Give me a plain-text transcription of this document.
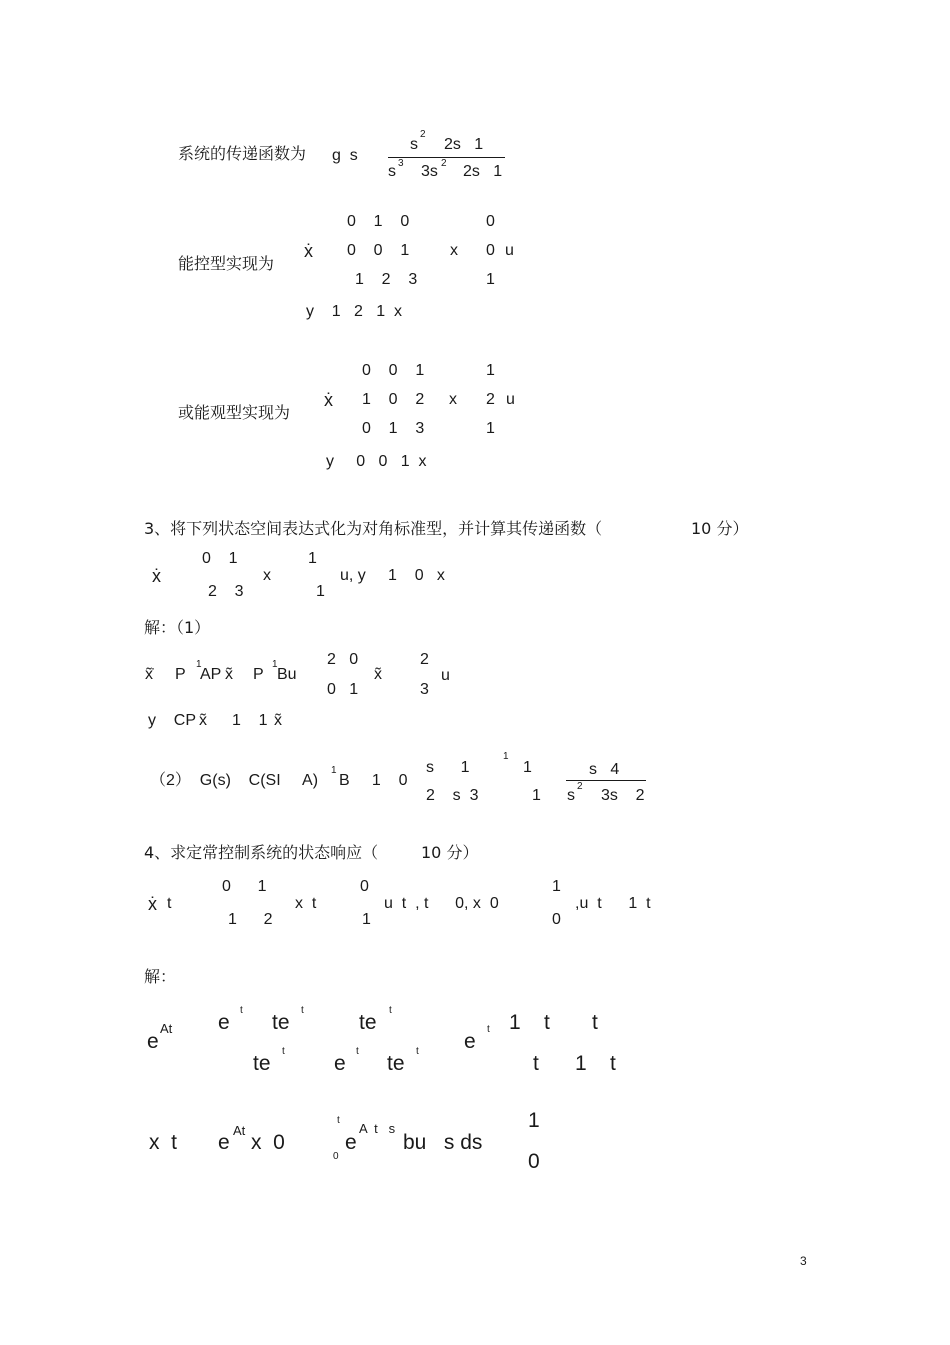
系统的传递函数为 g  s
s
2
2s   1
s 3 3s 2 2s   1
能控型实现为
ẋ
0    1    0
0    0    1
1    2    3
x
0
0
1
u
y    1   2   1  x
或能观型实现为
ẋ
0    0    1
1    0    2
0    1    3
x
1
2
1
u
y     0   0   1  x
3、将下列状态空间表达式化为对角标准型，并计算其传递函数（	10 分）
ẋ
0    1
2    3
x
1
1
u, y     1    0   x
解：（1）
x̃̇ P
1
AP x̃ P
1
Bu
2   0
0   1
x̃
2
3
u
y    CP x̃ 1    1 x̃
（2）  G(s)    C(SI     A)
1
B     1    0
s      1
2    s  3
1
1
1
s   4
s
2
3s    2
4、求定常控制系统的状态响应（	10 分）
ẋ t
0      1
1      2
x  t
0
1
u  t  , t      0, x  0
1
0
,u  t      1  t
解：
e
At e
t
te
t
te
t
te
t
e
t
te
t e
t 1    t t
t 1    t
x  t e
At
x  0
t
0
e
A  t   s
bu   s ds
1
0
3
